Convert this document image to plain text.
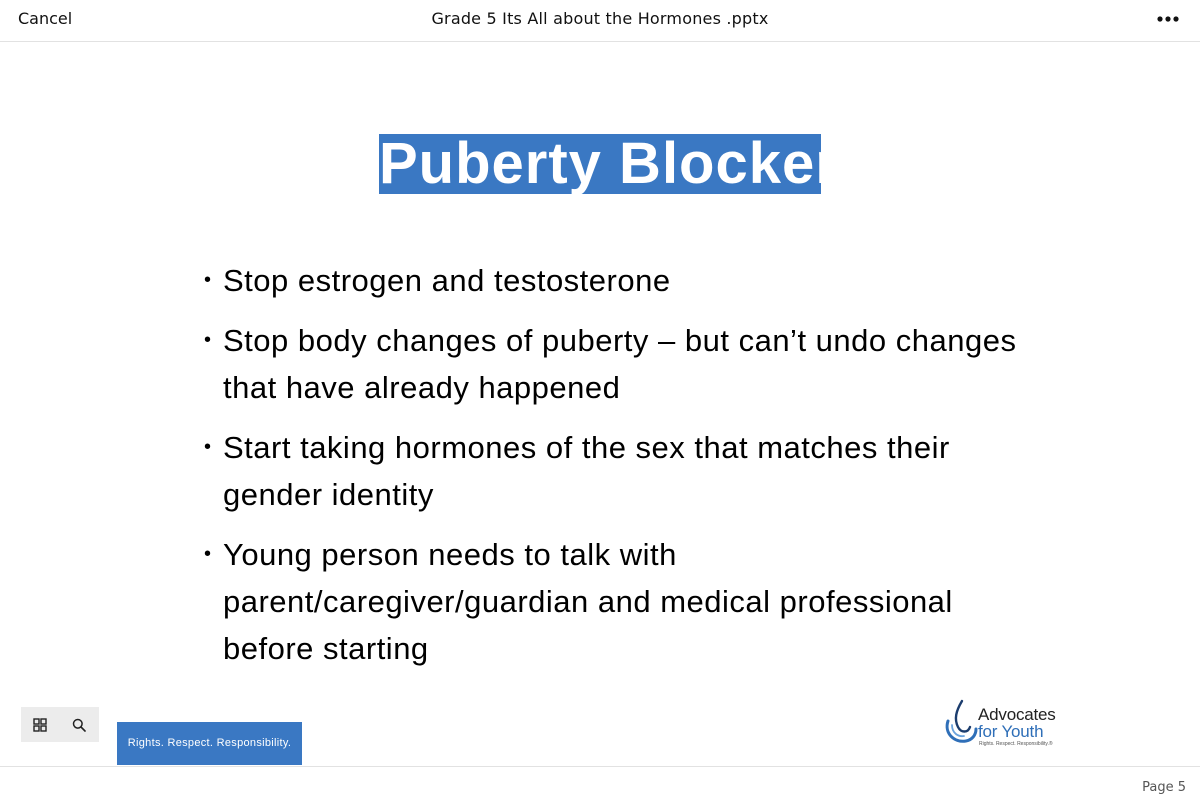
Cancel	Grade 5 Its All about the Hormones .pptx
Puberty Blockers
• Stop estrogen and testosterone
• Stop body changes of puberty – but can’t undo changes that have already happened
• Start taking hormones of the sex that matches their gender identity
• Young person needs to talk with parent/caregiver/guardian and medical professional before starting
Rights. Respect. Responsibility.
Advocates
for Youth
Rights. Respect. Responsibility.®
Page 5
